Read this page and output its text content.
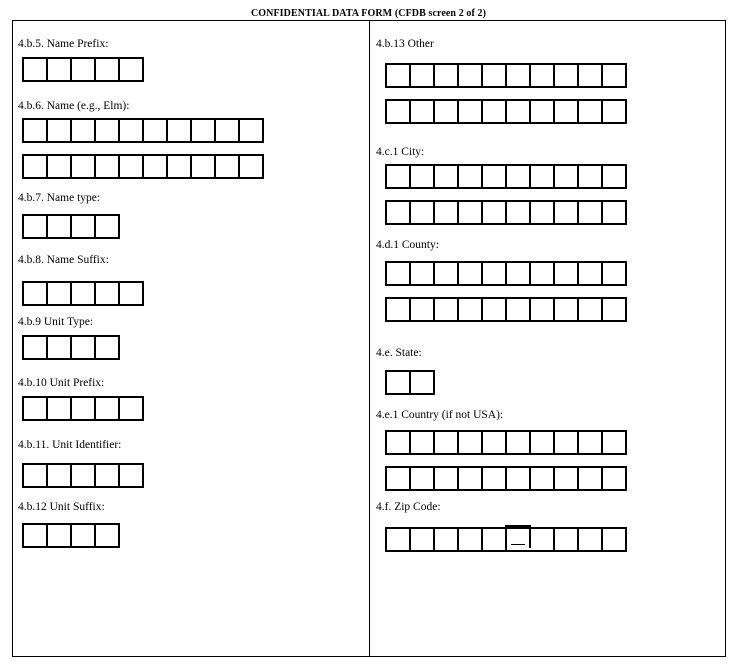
CONFIDENTIAL DATA FORM (CFDB screen 2 of 2)
4.b.5. Name Prefix:
4.b.6. Name (e.g., Elm):
4.b.7. Name type:
4.b.8. Name Suffix:
4.b.9 Unit Type:
4.b.10 Unit Prefix:
4.b.11. Unit Identifier:
4.b.12 Unit Suffix:
4.b.13 Other
4.c.1 City:
4.d.1 County:
4.e. State:
4.e.1 Country (if not USA):
4.f. Zip Code:
